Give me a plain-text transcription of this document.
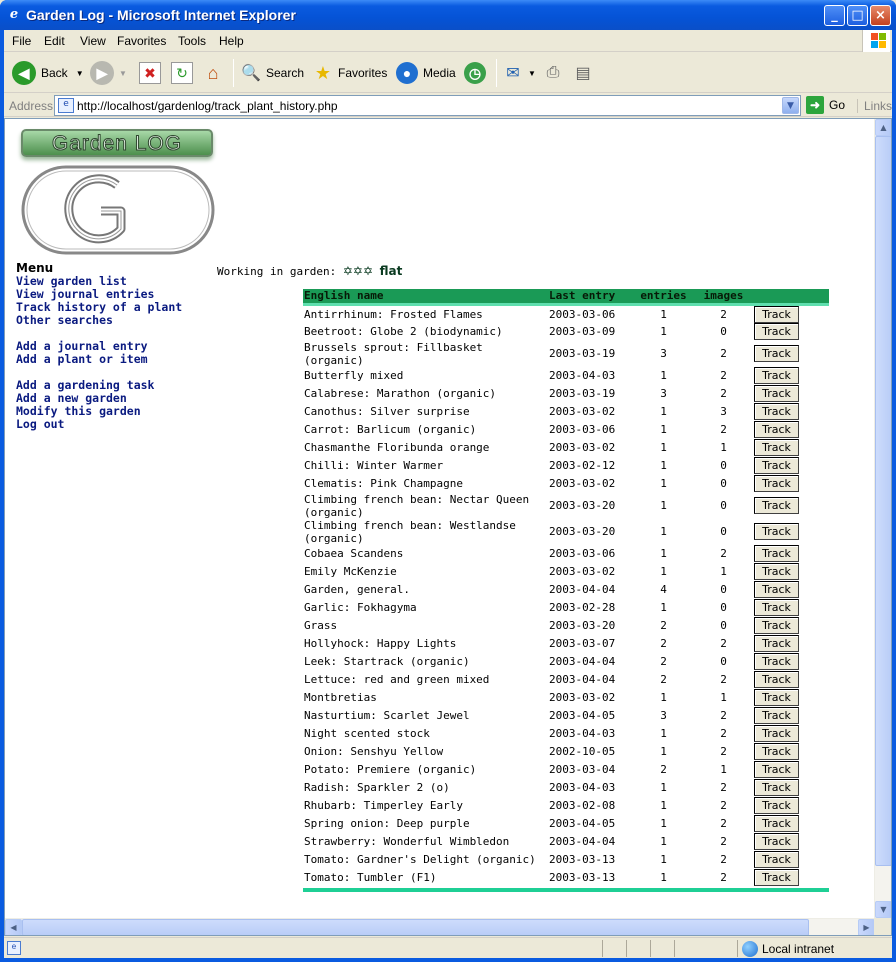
e Garden Log - Microsoft Internet Explorer	_	□ ×
File Edit View Favorites Tools Help
◀ Back ▼ ▶	▼	✖	↻	⌂	🔍 Search ★ Favorites	● Media ◷	✉	▼ ⎙ ▤
Address	e http://localhost/gardenlog/track_plant_history.php	▼	➜ Go	Links
Garden LOG
Menu
View garden list
View journal entries
Track history of a plant
Other searches
Add a journal entry
Add a plant or item
Add a gardening task
Add a new garden
Modify this garden
Log out
Working in garden: ✡✡✡ flat
English name	Last entry	entries	images	
Antirrhinum: Frosted Flames	2003-03-06	1	2	Track
Beetroot: Globe 2 (biodynamic)	2003-03-09	1	0	Track
Brussels sprout: Fillbasket (organic)	2003-03-19	3	2	Track
Butterfly mixed	2003-04-03	1	2	Track
Calabrese: Marathon (organic)	2003-03-19	3	2	Track
Canothus: Silver surprise	2003-03-02	1	3	Track
Carrot: Barlicum (organic)	2003-03-06	1	2	Track
Chasmanthe Floribunda orange	2003-03-02	1	1	Track
Chilli: Winter Warmer	2003-02-12	1	0	Track
Clematis: Pink Champagne	2003-03-02	1	0	Track
Climbing french bean: Nectar Queen (organic)	2003-03-20	1	0	Track
Climbing french bean: Westlandse (organic)	2003-03-20	1	0	Track
Cobaea Scandens	2003-03-06	1	2	Track
Emily McKenzie	2003-03-02	1	1	Track
Garden, general.	2003-04-04	4	0	Track
Garlic: Fokhagyma	2003-02-28	1	0	Track
Grass	2003-03-20	2	0	Track
Hollyhock: Happy Lights	2003-03-07	2	2	Track
Leek: Startrack (organic)	2003-04-04	2	0	Track
Lettuce: red and green mixed	2003-04-04	2	2	Track
Montbretias	2003-03-02	1	1	Track
Nasturtium: Scarlet Jewel	2003-04-05	3	2	Track
Night scented stock	2003-04-03	1	2	Track
Onion: Senshyu Yellow	2002-10-05	1	2	Track
Potato: Premiere (organic)	2003-03-04	2	1	Track
Radish: Sparkler 2 (o)	2003-04-03	1	2	Track
Rhubarb: Timperley Early	2003-02-08	1	2	Track
Spring onion: Deep purple	2003-04-05	1	2	Track
Strawberry: Wonderful Wimbledon	2003-04-04	1	2	Track
Tomato: Gardner's Delight (organic)	2003-03-13	1	2	Track
Tomato: Tumbler (F1)	2003-03-13	1	2	Track
▲
▼
◀	▶
e	Local intranet
